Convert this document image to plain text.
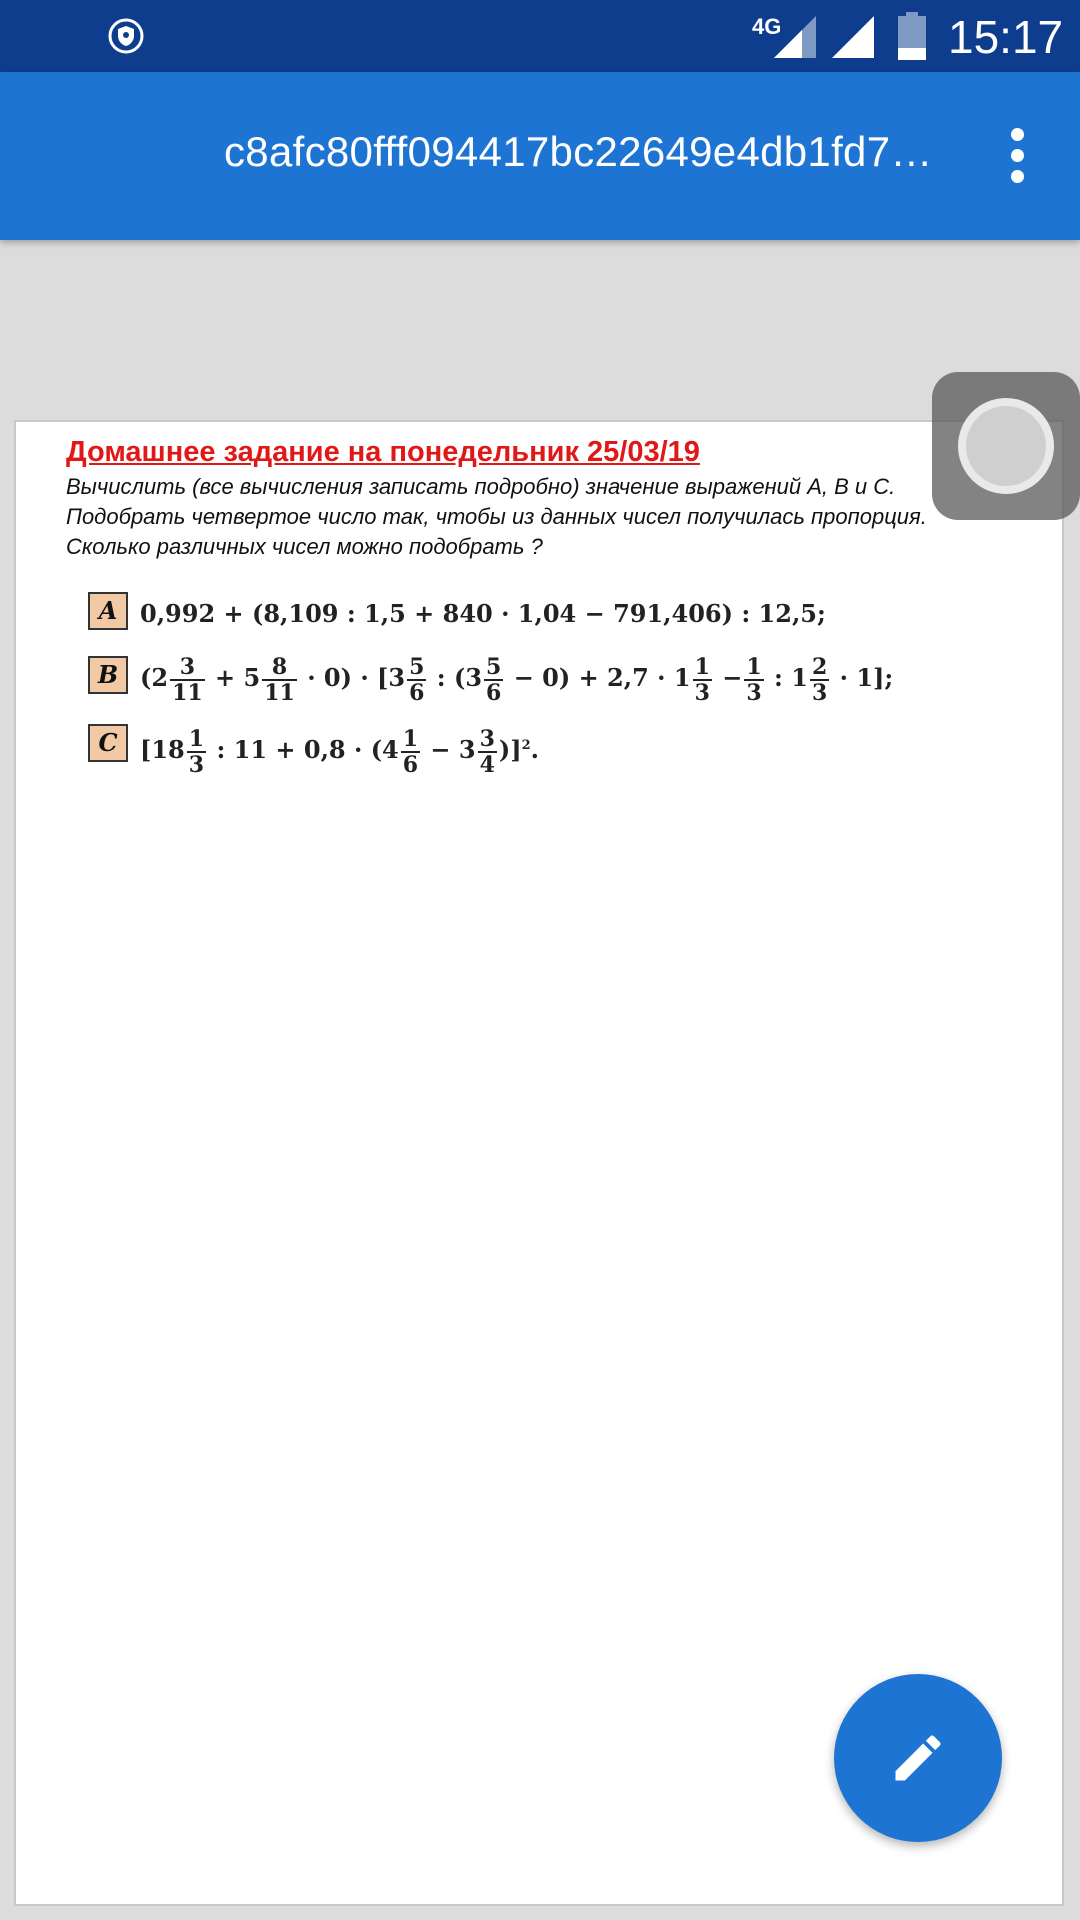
4G	15:17
c8afc80fff094417bc22649e4db1fd7…
Домашнее задание на понедельник 25/03/19
Вычислить (все вычисления записать подробно) значение выражений А, В и С.
Подобрать четвертое число так, чтобы из данных чисел получилась пропорция.
Сколько различных чисел можно подобрать ?
A 0,992 + (8,109 : 1,5 + 840 · 1,04 − 791,406) : 12,5;
B $(2 \frac{3}{11} + 5 \frac{8}{11} \cdot 0) \cdot [3 \frac{5}{6}$ : $(3 \frac{5}{6} - 0) + 2,7 \cdot 1 \frac{1}{3} - \frac{1}{3}$ : $1 \frac{2}{3} \cdot 1$];
C [$18 \frac{1}{3}$ : $11 + 0,8 \cdot (4 \frac{1}{6} - 3 \frac{3}{4} )]^2$.
